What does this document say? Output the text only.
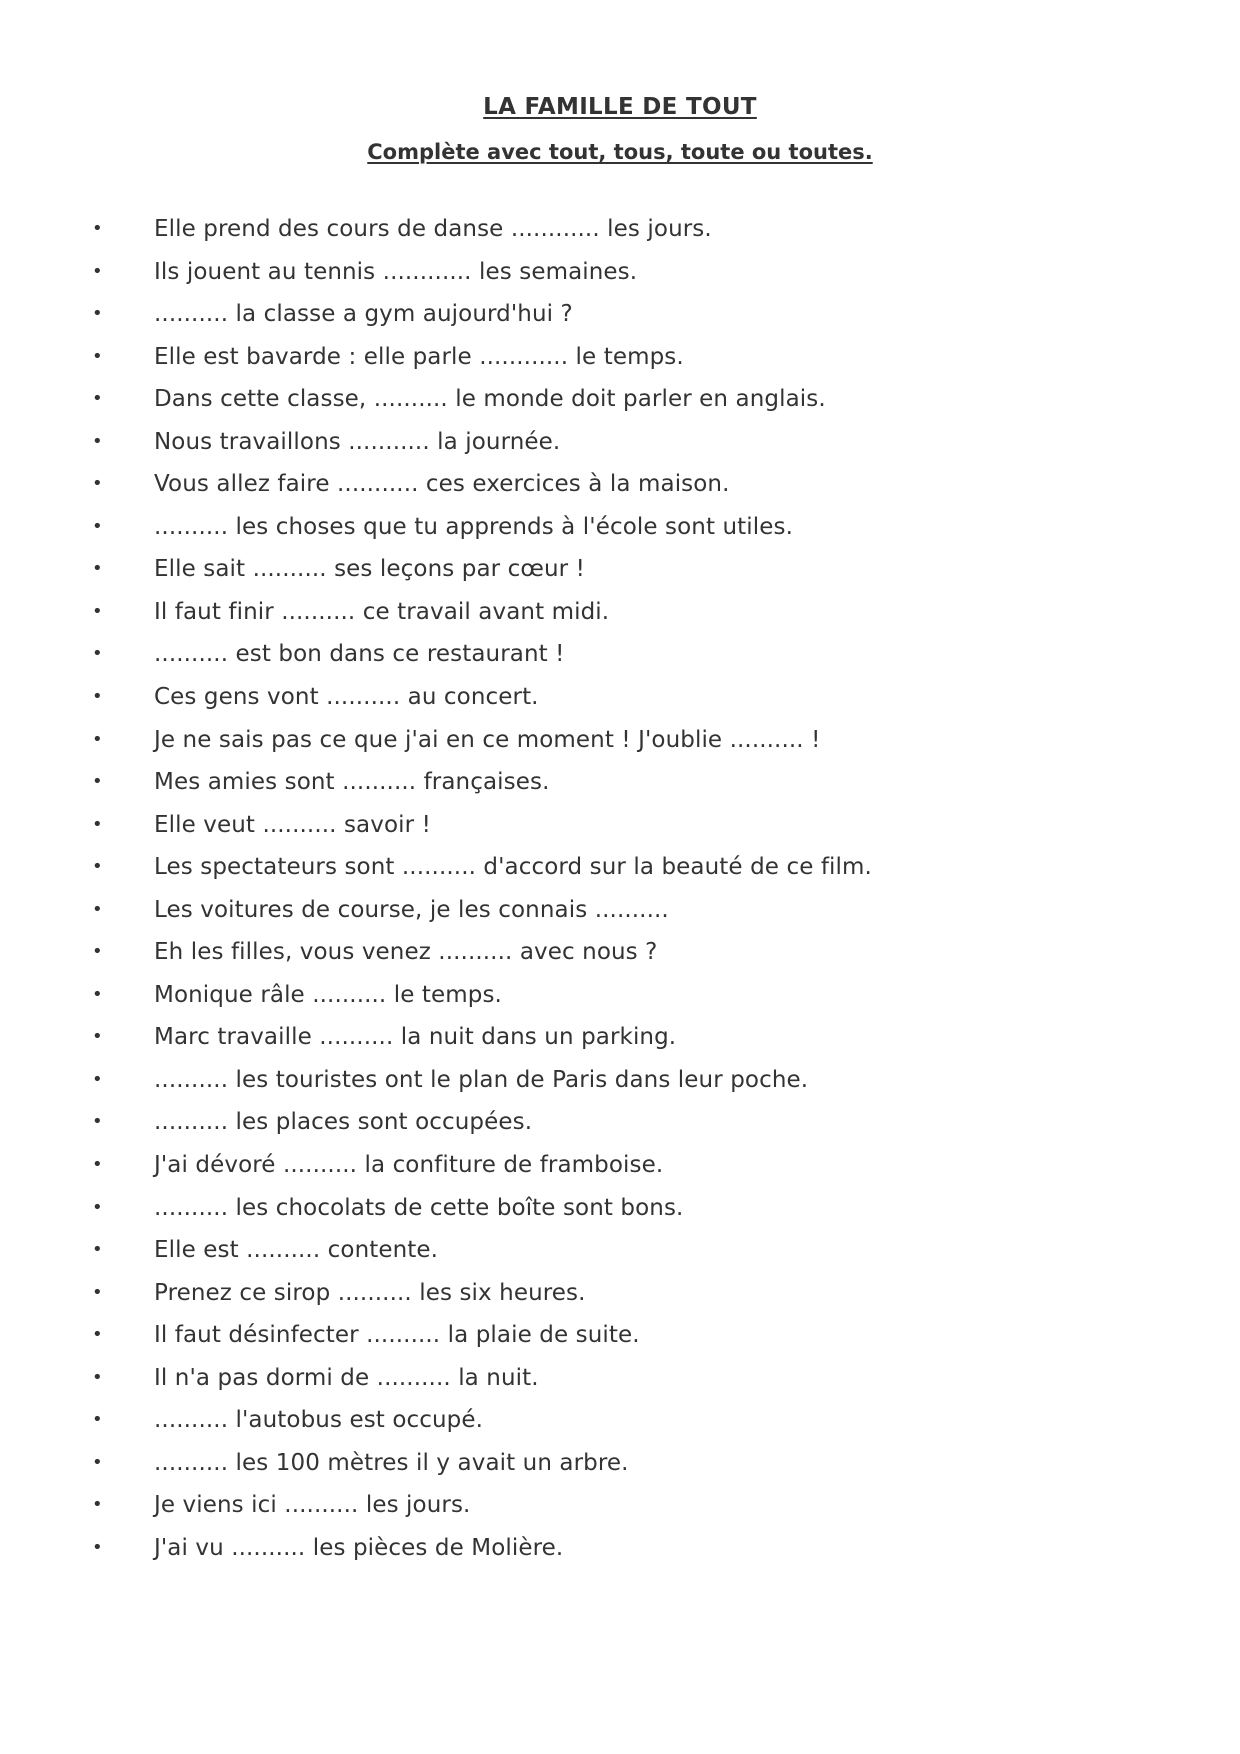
LA FAMILLE DE TOUT
Complète avec tout, tous, toute ou toutes.
• Elle prend des cours de danse ............ les jours.
• Ils jouent au tennis ............ les semaines.
• .......... la classe a gym aujourd'hui ?
• Elle est bavarde : elle parle ............ le temps.
• Dans cette classe, .......... le monde doit parler en anglais.
• Nous travaillons ........... la journée.
• Vous allez faire ........... ces exercices à la maison.
• .......... les choses que tu apprends à l'école sont utiles.
• Elle sait .......... ses leçons par cœur !
• Il faut finir .......... ce travail avant midi.
• .......... est bon dans ce restaurant !
• Ces gens vont .......... au concert.
• Je ne sais pas ce que j'ai en ce moment ! J'oublie .......... !
• Mes amies sont .......... françaises.
• Elle veut .......... savoir !
• Les spectateurs sont .......... d'accord sur la beauté de ce film.
• Les voitures de course, je les connais ..........
• Eh les filles, vous venez .......... avec nous ?
• Monique râle .......... le temps.
• Marc travaille .......... la nuit dans un parking.
• .......... les touristes ont le plan de Paris dans leur poche.
• .......... les places sont occupées.
• J'ai dévoré .......... la confiture de framboise.
• .......... les chocolats de cette boîte sont bons.
• Elle est .......... contente.
• Prenez ce sirop .......... les six heures.
• Il faut désinfecter .......... la plaie de suite.
• Il n'a pas dormi de .......... la nuit.
• .......... l'autobus est occupé.
• .......... les 100 mètres il y avait un arbre.
• Je viens ici .......... les jours.
• J'ai vu .......... les pièces de Molière.
